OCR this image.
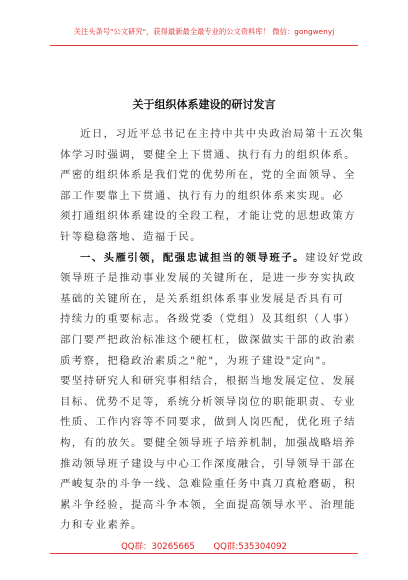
关注头条号"公文研究"，获得最新最全最专业的公文资料库！ 微信：gongwenyj
关于组织体系建设的研讨发言
近日，习近平总书记在主持中共中央政治局第十五次集
体学习时强调，要健全上下贯通、执行有力的组织体系。
严密的组织体系是我们党的优势所在，党的全面领导、全
部工作要靠上下贯通、执行有力的组织体系来实现。必
须打通组织体系建设的全段工程，才能让党的思想政策方
针等稳稳落地、造福于民。
一、头雁引领，配强忠诚担当的领导班子。建设好党政
领导班子是推动事业发展的关键所在，是进一步夯实执政
基础的关键所在，是关系组织体系事业发展是否具有可
持续力的重要标志。各级党委（党组）及其组织（人事）
部门要严把政治标准这个硬杠杠，做深做实干部的政治素
质考察，把稳政治素质之"舵"，为班子建设"定向"。
要坚持研究人和研究事相结合，根据当地发展定位、发展
目标、优势不足等，系统分析领导岗位的职能职责、专业
性质、工作内容等不同要求，做到人岗匹配，优化班子结
构，有的放矢。要健全领导班子培养机制，加强战略培养
推动领导班子建设与中心工作深度融合，引导领导干部在
严峻复杂的斗争一线、急难险重任务中真刀真枪磨砺，积
累斗争经验，提高斗争本领，全面提高领导水平、治理能
力和专业素养。
QQ群：30265665 QQ群:535304092
